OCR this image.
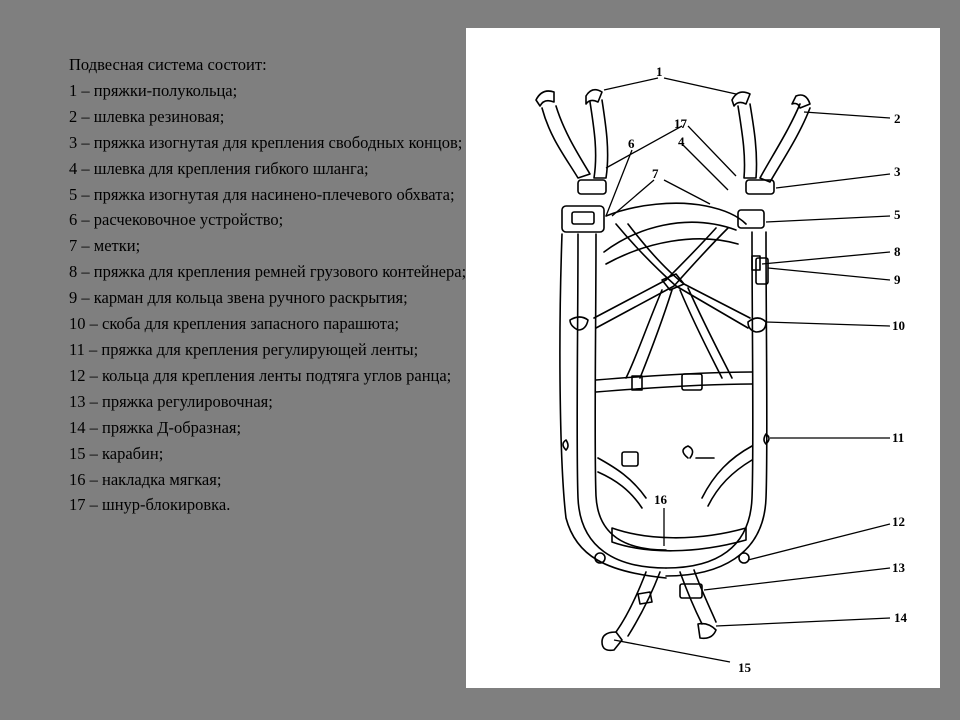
Подвесная система состоит:

1 – пряжки-полукольца;

2 – шлевка резиновая;

3 – пряжка изогнутая для крепления свободных концов;

4 – шлевка для крепления гибкого шланга;

5 – пряжка изогнутая для насинено-плечевого обхвата;

6 – расчековочное устройство;

7 – метки;

8 – пряжка для крепления ремней грузового контейнера;

9 – карман для кольца звена ручного раскрытия;

10 – скоба для крепления запасного парашюта;

11 – пряжка для крепления регулирующей ленты;

12 – кольца для крепления ленты подтяга углов ранца;

13 – пряжка регулировочная;

14 – пряжка Д-образная;

15 – карабин;

16 – накладка мягкая;

17 – шнур-блокировка.

1
2
17
4
6
7	3
5
8
9
10
11
16
12
13
14
15
